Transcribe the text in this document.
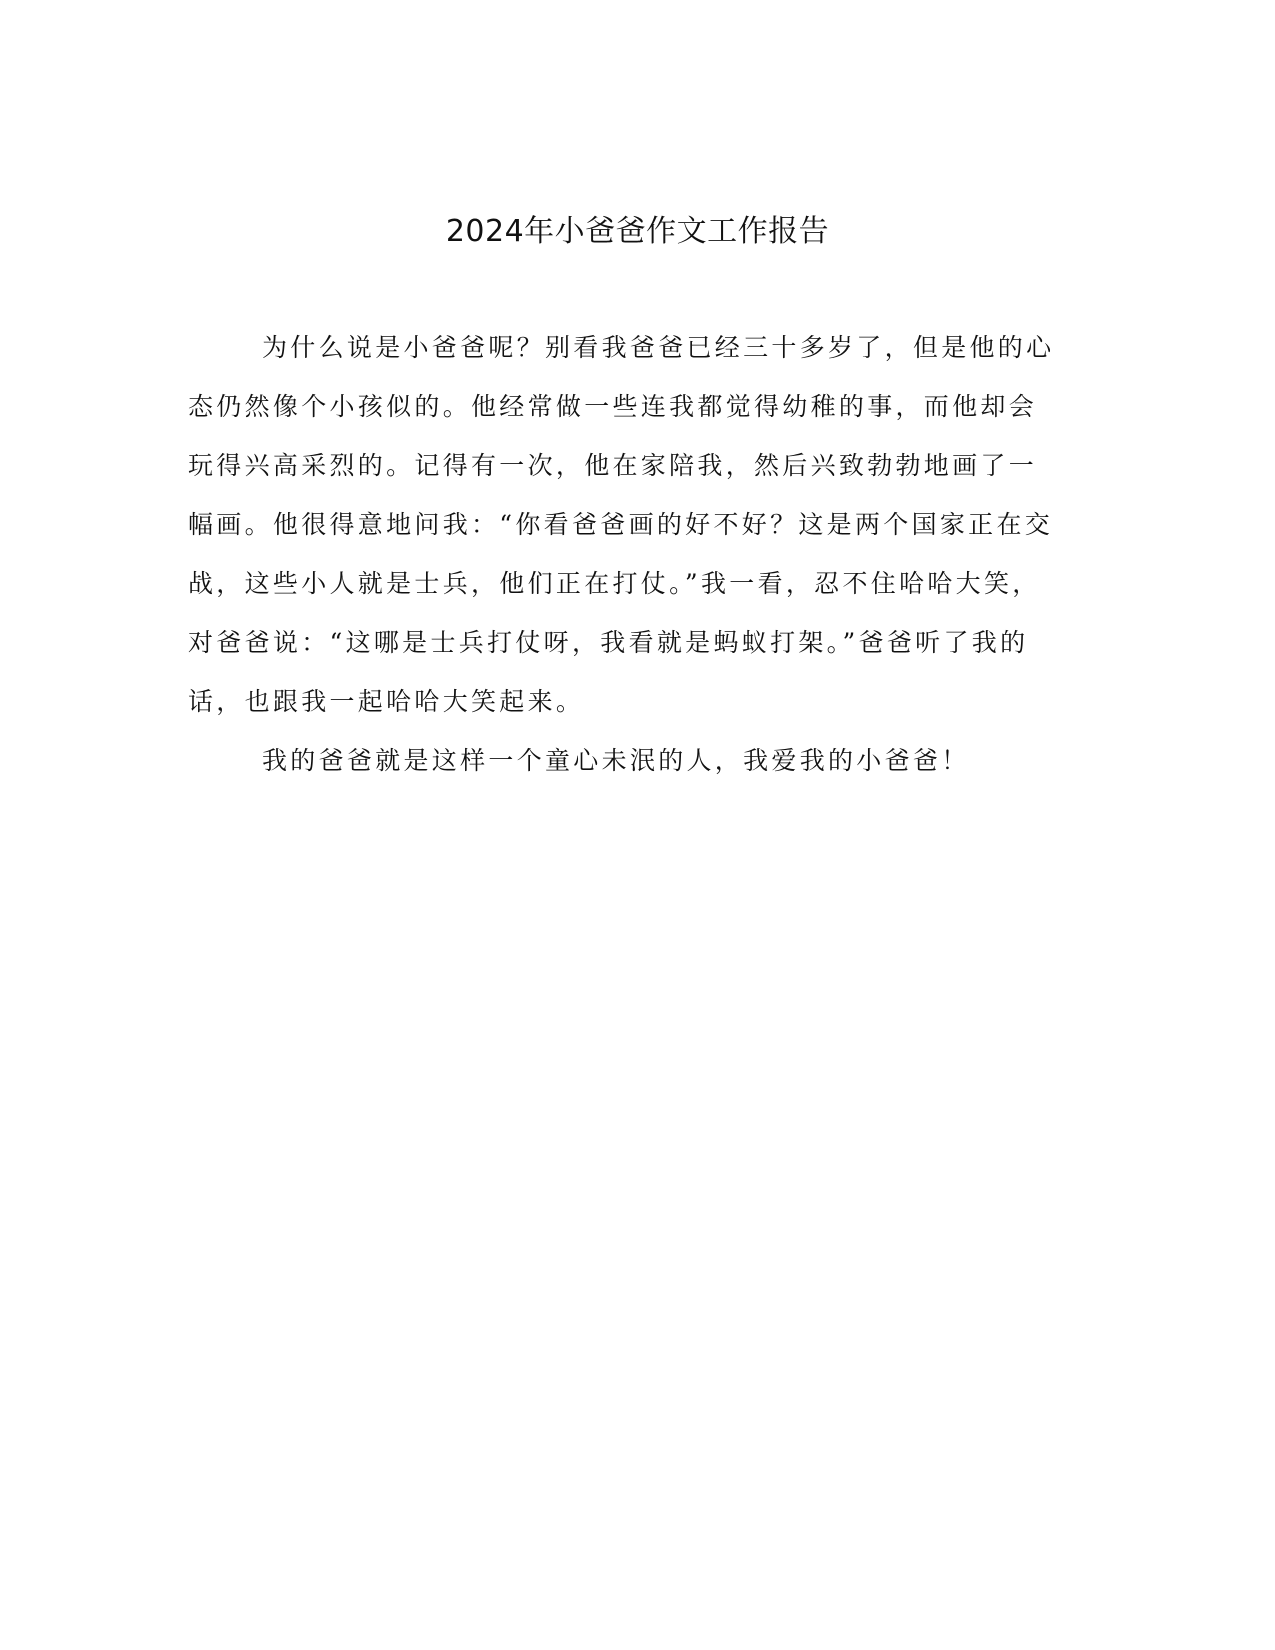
2024年小爸爸作文工作报告
为什么说是小爸爸呢？别看我爸爸已经三十多岁了，但是他的心
态仍然像个小孩似的。他经常做一些连我都觉得幼稚的事，而他却会
玩得兴高采烈的。记得有一次，他在家陪我，然后兴致勃勃地画了一
幅画。他很得意地问我：“你看爸爸画的好不好？这是两个国家正在交
战，这些小人就是士兵，他们正在打仗。”我一看，忍不住哈哈大笑，
对爸爸说：“这哪是士兵打仗呀，我看就是蚂蚁打架。”爸爸听了我的
话，也跟我一起哈哈大笑起来。
我的爸爸就是这样一个童心未泯的人，我爱我的小爸爸！
